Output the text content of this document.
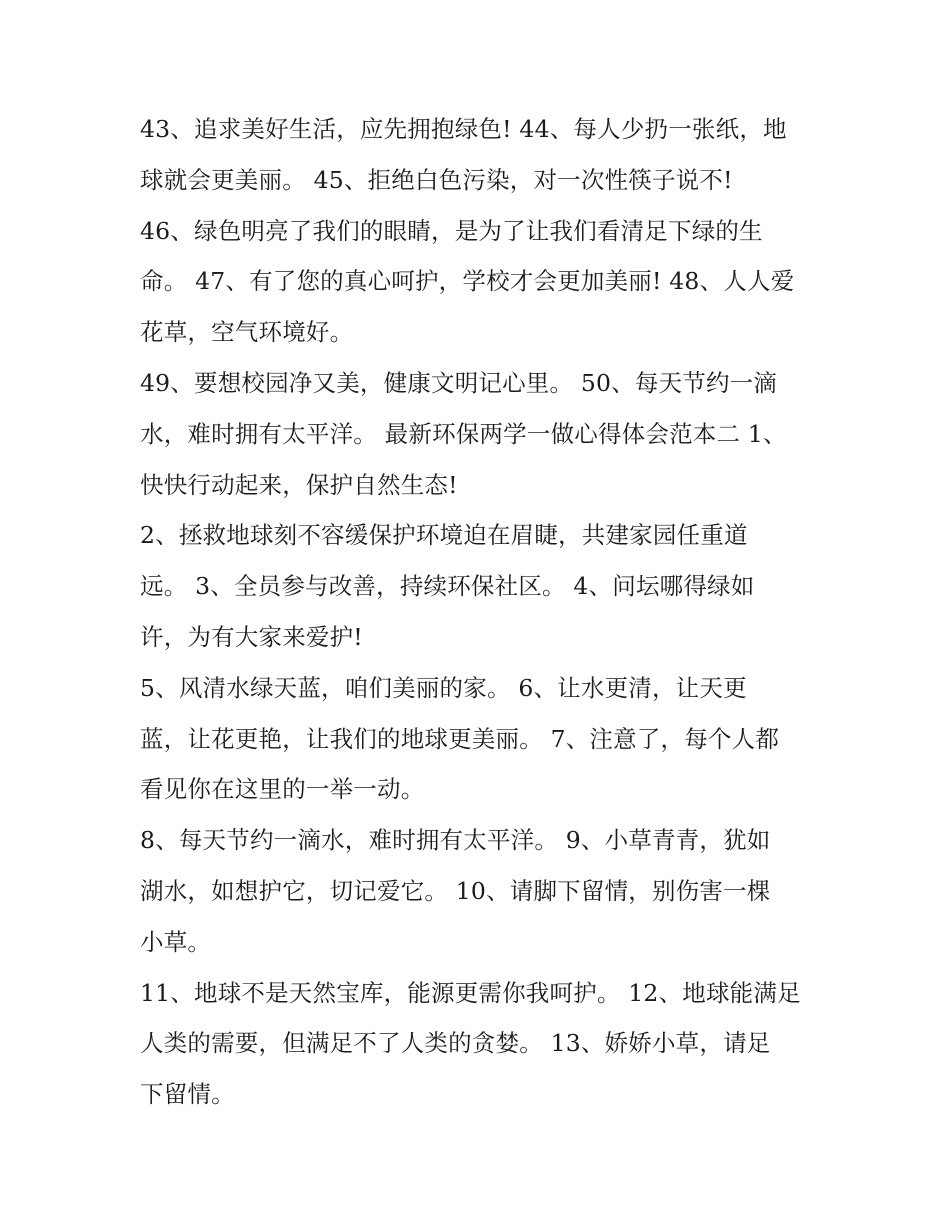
43、追求美好生活，应先拥抱绿色! 44、每人少扔一张纸，地
球就会更美丽。 45、拒绝白色污染，对一次性筷子说不!

46、绿色明亮了我们的眼睛，是为了让我们看清足下绿的生
命。 47、有了您的真心呵护，学校才会更加美丽! 48、人人爱
花草，空气环境好。

49、要想校园净又美，健康文明记心里。 50、每天节约一滴
水，难时拥有太平洋。 最新环保两学一做心得体会范本二 1、
快快行动起来，保护自然生态!

2、拯救地球刻不容缓保护环境迫在眉睫，共建家园任重道
远。 3、全员参与改善，持续环保社区。 4、问坛哪得绿如
许，为有大家来爱护!

5、风清水绿天蓝，咱们美丽的家。 6、让水更清，让天更
蓝，让花更艳，让我们的地球更美丽。 7、注意了，每个人都
看见你在这里的一举一动。

8、每天节约一滴水，难时拥有太平洋。 9、小草青青，犹如
湖水，如想护它，切记爱它。 10、请脚下留情，别伤害一棵
小草。

11、地球不是天然宝库，能源更需你我呵护。 12、地球能满足
人类的需要，但满足不了人类的贪婪。 13、娇娇小草，请足
下留情。
